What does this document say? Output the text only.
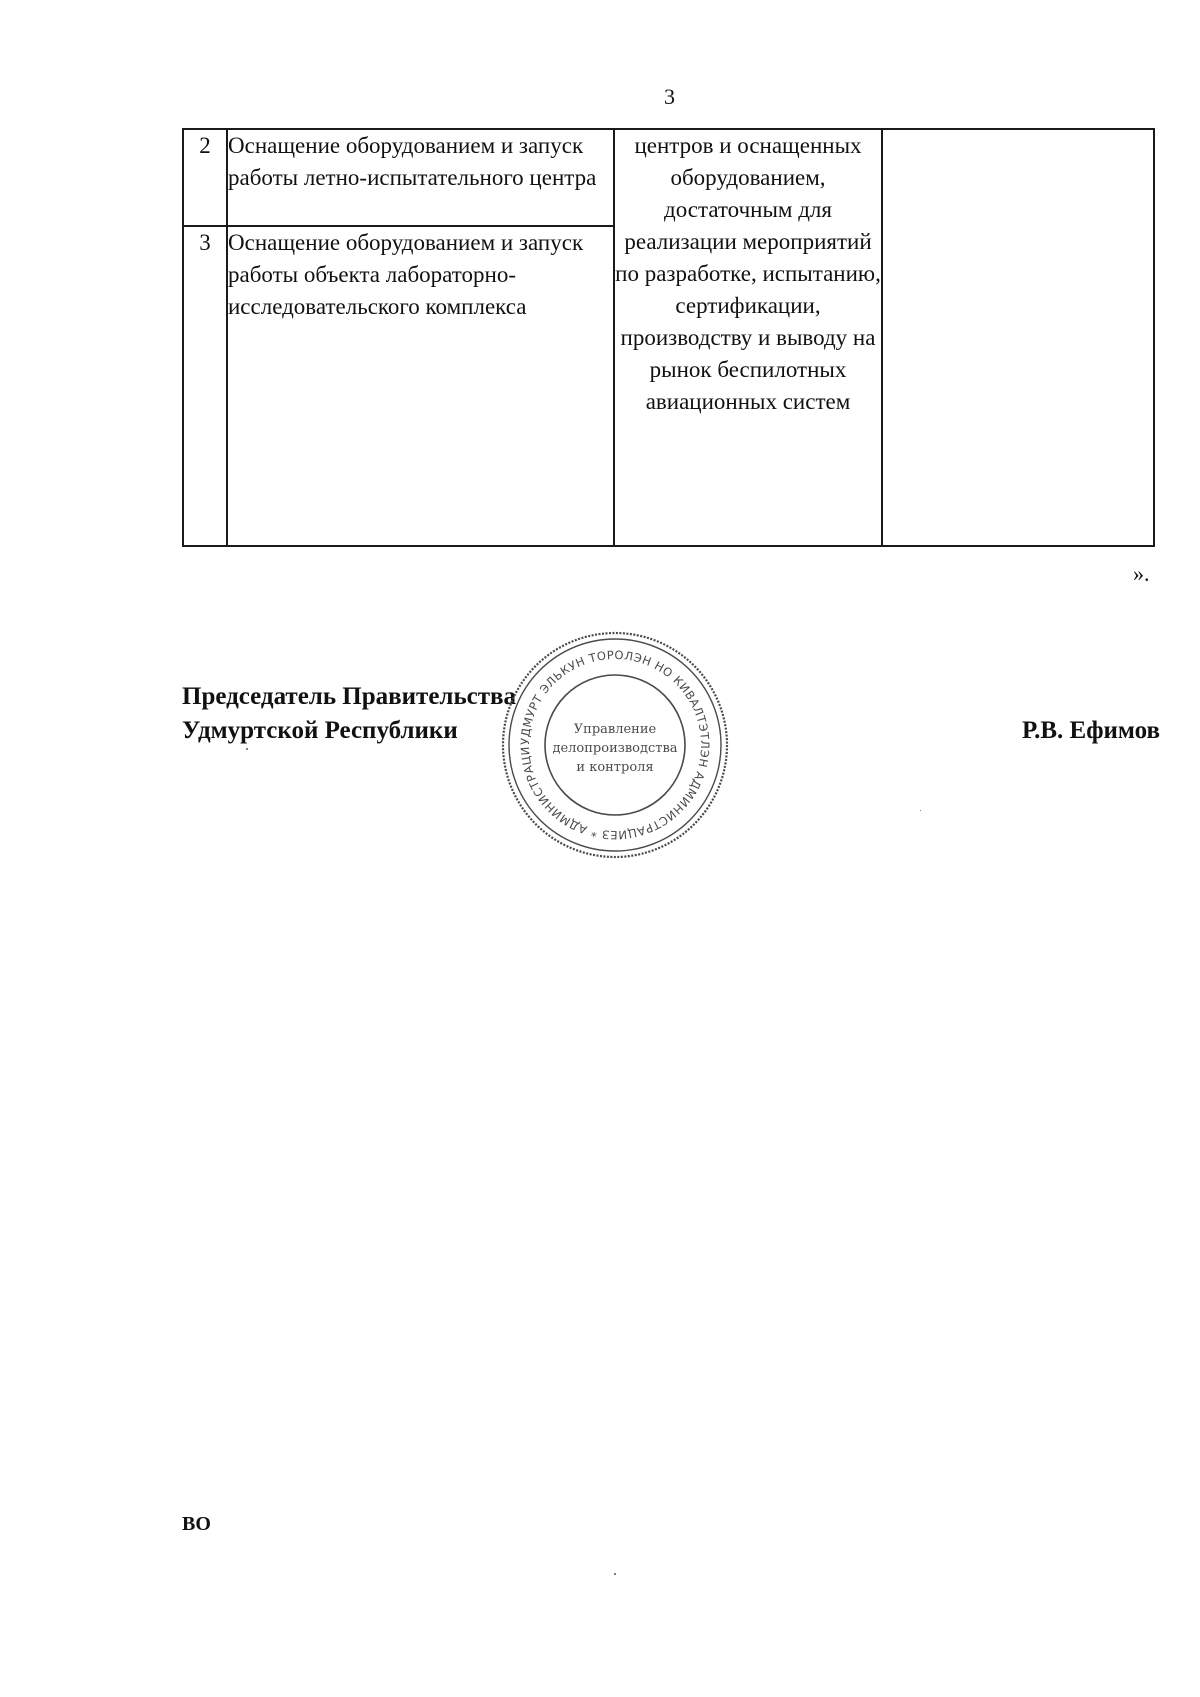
3
2	Оснащение оборудованием и запуск работы летно-испытательного центра	центров и оснащенных оборудованием, достаточным для реализации мероприятий по разработке, испытанию, сертификации, производству и выводу на рынок беспилотных авиационных систем	
3	Оснащение оборудованием и запуск работы объекта лабораторно-исследовательского комплекса		
».
Председатель Правительства
Удмуртской Республики	Р.В. Ефимов
УДМУРТ ЭЛЬКУН ТОРОЛЭН НО КИВАЛТЭТЛЭН АДМИНИСТРАЦИЕЗ * АДМИНИСТРАЦИ
Управление
делопроизводства
и контроля
ВО
